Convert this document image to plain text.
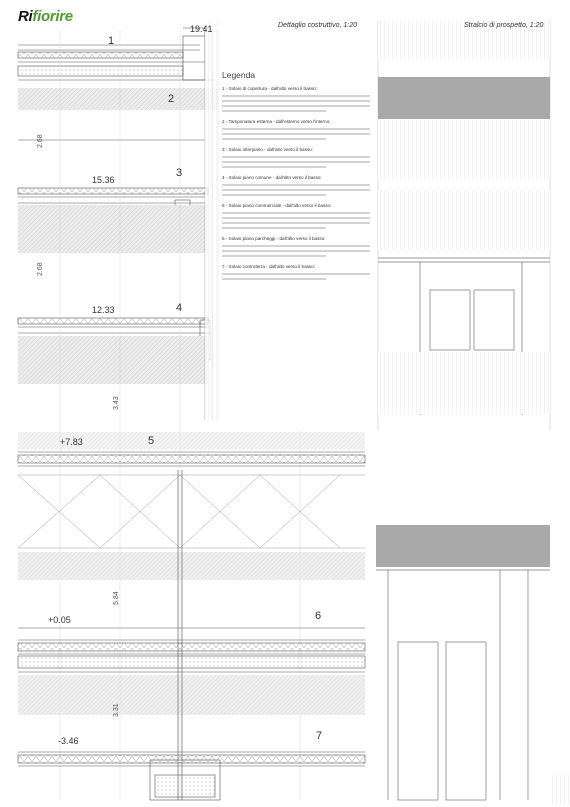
Rifiorire
Dettaglio costruttivo, 1:20	Stralcio di prospetto, 1:20
1
2
3
4
5
6
7
19.41
15.36
12.33
+7.83
+0.05
-3.46
2.68
2.68
3.43
5.84
3.31
Legenda
1 - Solaio di copertura - dall'alto verso il basso:
2 - Tamponatura esterna - dall'esterno verso l'interno:
3 - Solaio interpiano - dall'alto verso il basso:
4 - Solaio piano comune - dall'alto verso il basso:
5 - Solaio piano commerciale - dall'alto verso il basso:
6 - Solaio piano parcheggi - dall'alto verso il basso:
7 - Solaio controterra - dall'alto verso il basso:
